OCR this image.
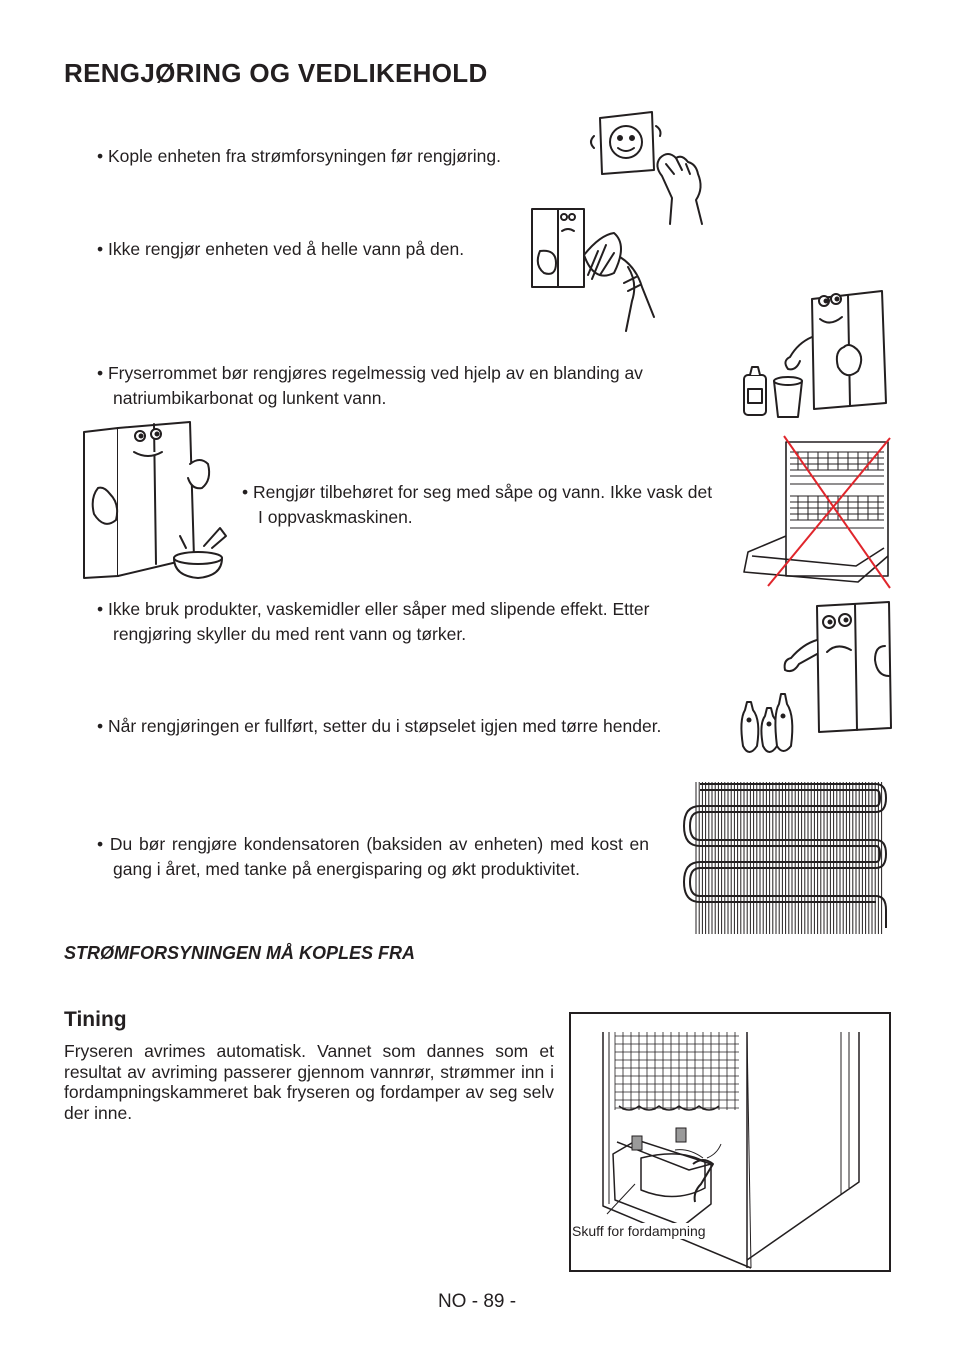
RENGJØRING OG VEDLIKEHOLD
• Kople enheten fra strømforsyningen før rengjøring.
• Ikke rengjør enheten ved å helle vann på den.
• Fryserrommet bør rengjøres regelmessig ved hjelp av en blanding av natriumbikarbonat og lunkent vann.
• Rengjør tilbehøret for seg med såpe og vann. Ikke vask det I oppvaskmaskinen.
• Ikke bruk produkter, vaskemidler eller såper med slipende effekt. Etter rengjøring skyller du med rent vann og tørker.
• Når rengjøringen er fullført, setter du i støpselet igjen med tørre hender.
• Du bør rengjøre kondensatoren (baksiden av enheten) med kost en gang i året, med tanke på energisparing og økt produktivitet.
STRØMFORSYNINGEN MÅ KOPLES FRA
Tining
Fryseren avrimes automatisk. Vannet som dannes som et resultat av avriming passerer gjennom vannrør, strømmer inn i fordampningskammeret bak fryseren og fordamper av seg selv der inne.
Skuff for fordampning
NO - 89 -
